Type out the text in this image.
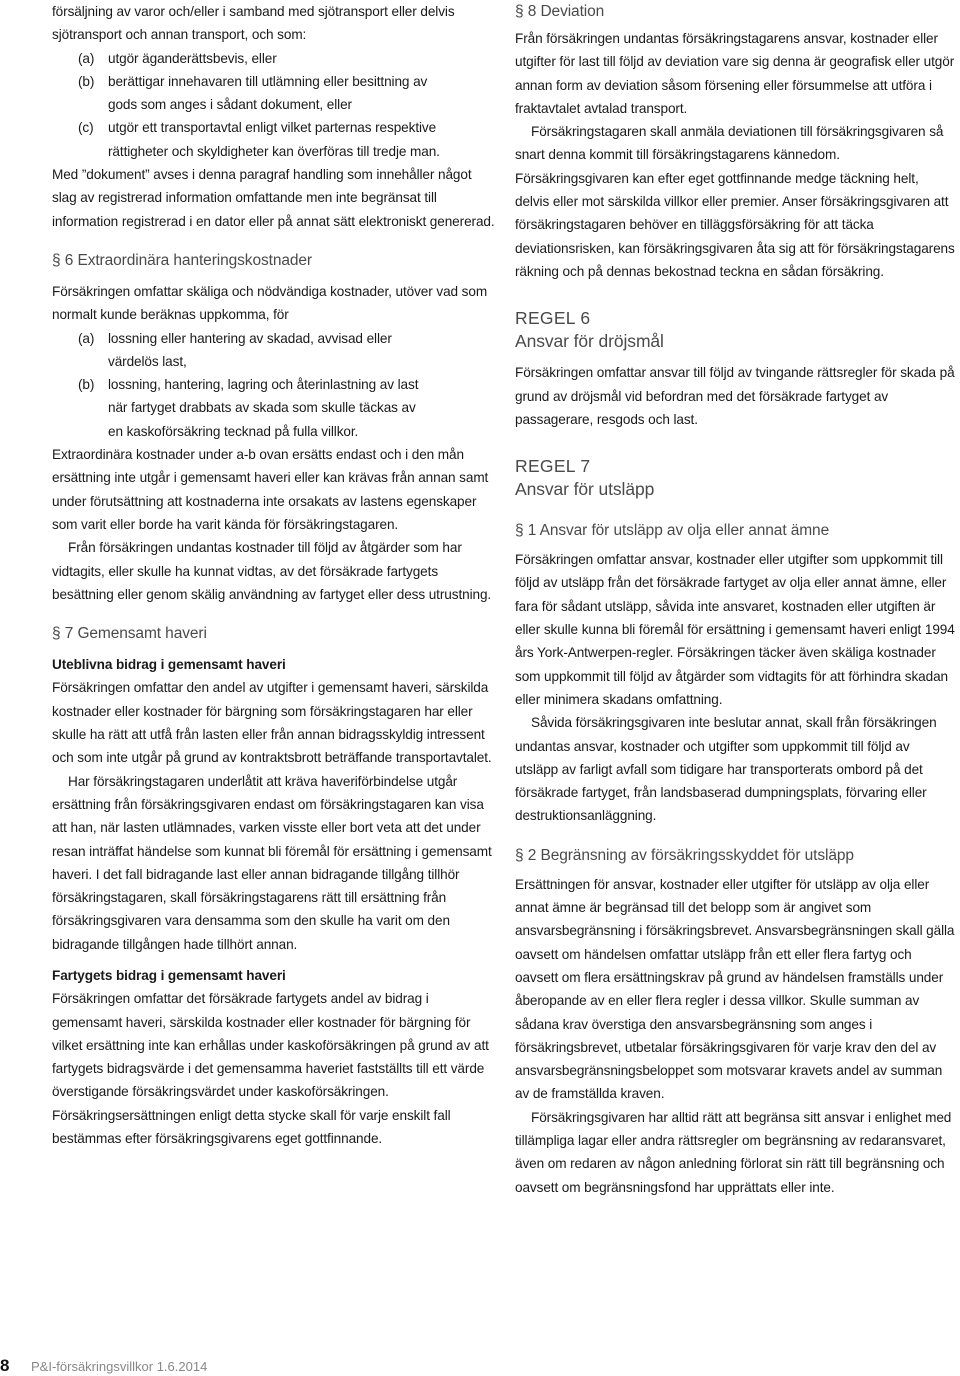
försäljning av varor och/eller i samband med sjötransport eller delvis sjötransport och annan transport, och som:

(a)	utgör äganderättsbevis, eller
(b)	berättigar innehavaren till utlämning eller besittning av

gods som anges i sådant dokument, eller

(c)	utgör ett transportavtal enligt vilket parternas respektive

rättigheter och skyldigheter kan överföras till tredje man.

Med ”dokument” avses i denna paragraf handling som innehåller något slag av registrerad information omfattande men inte begränsat till information registrerad i en dator eller på annat sätt elektroniskt genererad.

§ 6 Extraordinära hanteringskostnader

Försäkringen omfattar skäliga och nödvändiga kostnader, utöver vad som normalt kunde beräknas uppkomma, för

(a)	lossning eller hantering av skadad, avvisad eller

värdelös last,

(b)	lossning, hantering, lagring och återinlastning av last

när fartyget drabbats av skada som skulle täckas av

en kaskoförsäkring tecknad på fulla villkor.

Extraordinära kostnader under a-b ovan ersätts endast och i den mån ersättning inte utgår i gemensamt haveri eller kan krävas från annan samt under förutsättning att kostnaderna inte orsakats av lastens egenskaper som varit eller borde ha varit kända för försäkringstagaren.

Från försäkringen undantas kostnader till följd av åtgärder som har vidtagits, eller skulle ha kunnat vidtas, av det försäkrade fartygets besättning eller genom skälig användning av fartyget eller dess utrustning.

§ 7 Gemensamt haveri

Uteblivna bidrag i gemensamt haveri

Försäkringen omfattar den andel av utgifter i gemensamt haveri, särskilda kostnader eller kostnader för bärgning som försäkringstagaren har eller skulle ha rätt att utfå från lasten eller från annan bidragsskyldig intressent och som inte utgår på grund av kontraktsbrott beträffande transportavtalet.

Har försäkringstagaren underlåtit att kräva haveriförbindelse utgår ersättning från försäkringsgivaren endast om försäkringstagaren kan visa att han, när lasten utlämnades, varken visste eller bort veta att det under resan inträffat händelse som kunnat bli föremål för ersättning i gemensamt haveri. I det fall bidragande last eller annan bidragande tillgång tillhör försäkringstagaren, skall försäkringstagarens rätt till ersättning från försäkringsgivaren vara densamma som den skulle ha varit om den bidragande tillgången hade tillhört annan.

Fartygets bidrag i gemensamt haveri

Försäkringen omfattar det försäkrade fartygets andel av bidrag i gemensamt haveri, särskilda kostnader eller kostnader för bärgning för vilket ersättning inte kan erhållas under kaskoförsäkringen på grund av att fartygets bidragsvärde i det gemensamma haveriet fastställts till ett värde överstigande försäkringsvärdet under kaskoförsäkringen. Försäkringsersättningen enligt detta stycke skall för varje enskilt fall bestämmas efter försäkringsgivarens eget gottfinnande.

§ 8 Deviation

Från försäkringen undantas försäkringstagarens ansvar, kostnader eller utgifter för last till följd av deviation vare sig denna är geografisk eller utgör annan form av deviation såsom försening eller försummelse att utföra i fraktavtalet avtalad transport.

Försäkringstagaren skall anmäla deviationen till försäkringsgivaren så snart denna kommit till försäkringstagarens kännedom. Försäkringsgivaren kan efter eget gottfinnande medge täckning helt, delvis eller mot särskilda villkor eller premier. Anser försäkringsgivaren att försäkringstagaren behöver en tilläggsförsäkring för att täcka deviationsrisken, kan försäkringsgivaren åta sig att för försäkringstagarens räkning och på dennas bekostnad teckna en sådan försäkring.

REGEL 6
Ansvar för dröjsmål

Försäkringen omfattar ansvar till följd av tvingande rättsregler för skada på grund av dröjsmål vid befordran med det försäkrade fartyget av passagerare, resgods och last.

REGEL 7
Ansvar för utsläpp
§ 1 Ansvar för utsläpp av olja eller annat ämne

Försäkringen omfattar ansvar, kostnader eller utgifter som uppkommit till följd av utsläpp från det försäkrade fartyget av olja eller annat ämne, eller fara för sådant utsläpp, såvida inte ansvaret, kostnaden eller utgiften är eller skulle kunna bli föremål för ersättning i gemensamt haveri enligt 1994 års York-Antwerpen-regler. Försäkringen täcker även skäliga kostnader som uppkommit till följd av åtgärder som vidtagits för att förhindra skadan eller minimera skadans omfattning.

Såvida försäkringsgivaren inte beslutar annat, skall från försäkringen undantas ansvar, kostnader och utgifter som uppkommit till följd av utsläpp av farligt avfall som tidigare har transporterats ombord på det försäkrade fartyget, från landsbaserad dumpningsplats, förvaring eller destruktionsanläggning.

§ 2 Begränsning av försäkringsskyddet för utsläpp

Ersättningen för ansvar, kostnader eller utgifter för utsläpp av olja eller annat ämne är begränsad till det belopp som är angivet som ansvarsbegränsning i försäkringsbrevet. Ansvarsbegränsningen skall gälla oavsett om händelsen omfattar utsläpp från ett eller flera fartyg och oavsett om flera ersättningskrav på grund av händelsen framställs under åberopande av en eller flera regler i dessa villkor. Skulle summan av sådana krav överstiga den ansvarsbegränsning som anges i försäkringsbrevet, utbetalar försäkringsgivaren för varje krav den del av ansvarsbegränsningsbeloppet som motsvarar kravets andel av summan av de framställda kraven.

Försäkringsgivaren har alltid rätt att begränsa sitt ansvar i enlighet med tillämpliga lagar eller andra rättsregler om begränsning av redaransvaret, även om redaren av någon anledning förlorat sin rätt till begränsning och oavsett om begränsningsfond har upprättats eller inte.

8 P&I-försäkringsvillkor 1.6.2014
